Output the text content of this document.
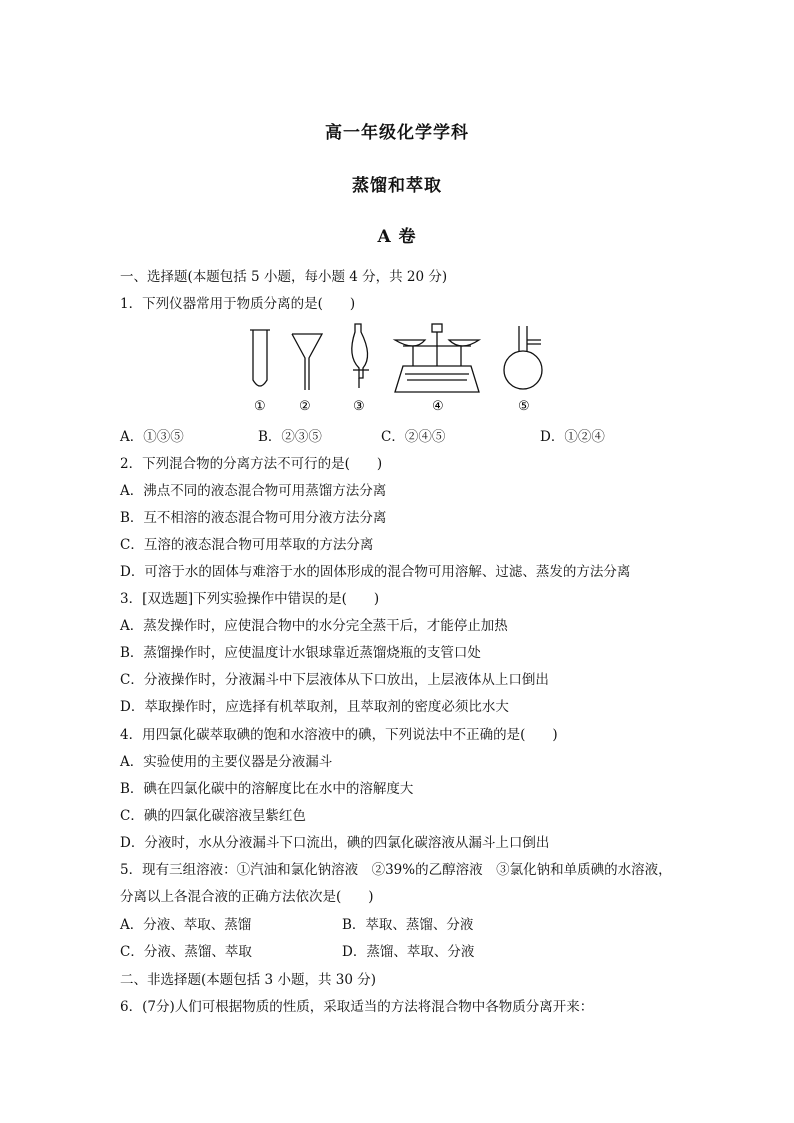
高一年级化学学科
蒸馏和萃取
A 卷
一、选择题(本题包括 5 小题，每小题 4 分，共 20 分)
1．下列仪器常用于物质分离的是(　　)
①	②	③	④	⑤
A．①③⑤	B．②③⑤	C．②④⑤	D．①②④
2．下列混合物的分离方法不可行的是(　　)
A．沸点不同的液态混合物可用蒸馏方法分离
B．互不相溶的液态混合物可用分液方法分离
C．互溶的液态混合物可用萃取的方法分离
D．可溶于水的固体与难溶于水的固体形成的混合物可用溶解、过滤、蒸发的方法分离
3．[双选题]下列实验操作中错误的是(　　)
A．蒸发操作时，应使混合物中的水分完全蒸干后，才能停止加热
B．蒸馏操作时，应使温度计水银球靠近蒸馏烧瓶的支管口处
C．分液操作时，分液漏斗中下层液体从下口放出，上层液体从上口倒出
D．萃取操作时，应选择有机萃取剂，且萃取剂的密度必须比水大
4．用四氯化碳萃取碘的饱和水溶液中的碘，下列说法中不正确的是(　　)
A．实验使用的主要仪器是分液漏斗
B．碘在四氯化碳中的溶解度比在水中的溶解度大
C．碘的四氯化碳溶液呈紫红色
D．分液时，水从分液漏斗下口流出，碘的四氯化碳溶液从漏斗上口倒出
5．现有三组溶液：①汽油和氯化钠溶液　②39%的乙醇溶液　③氯化钠和单质碘的水溶液，
分离以上各混合液的正确方法依次是(　　)
A．分液、萃取、蒸馏	B．萃取、蒸馏、分液
C．分液、蒸馏、萃取	D．蒸馏、萃取、分液
二、非选择题(本题包括 3 小题，共 30 分)
6．(7分)人们可根据物质的性质，采取适当的方法将混合物中各物质分离开来：
